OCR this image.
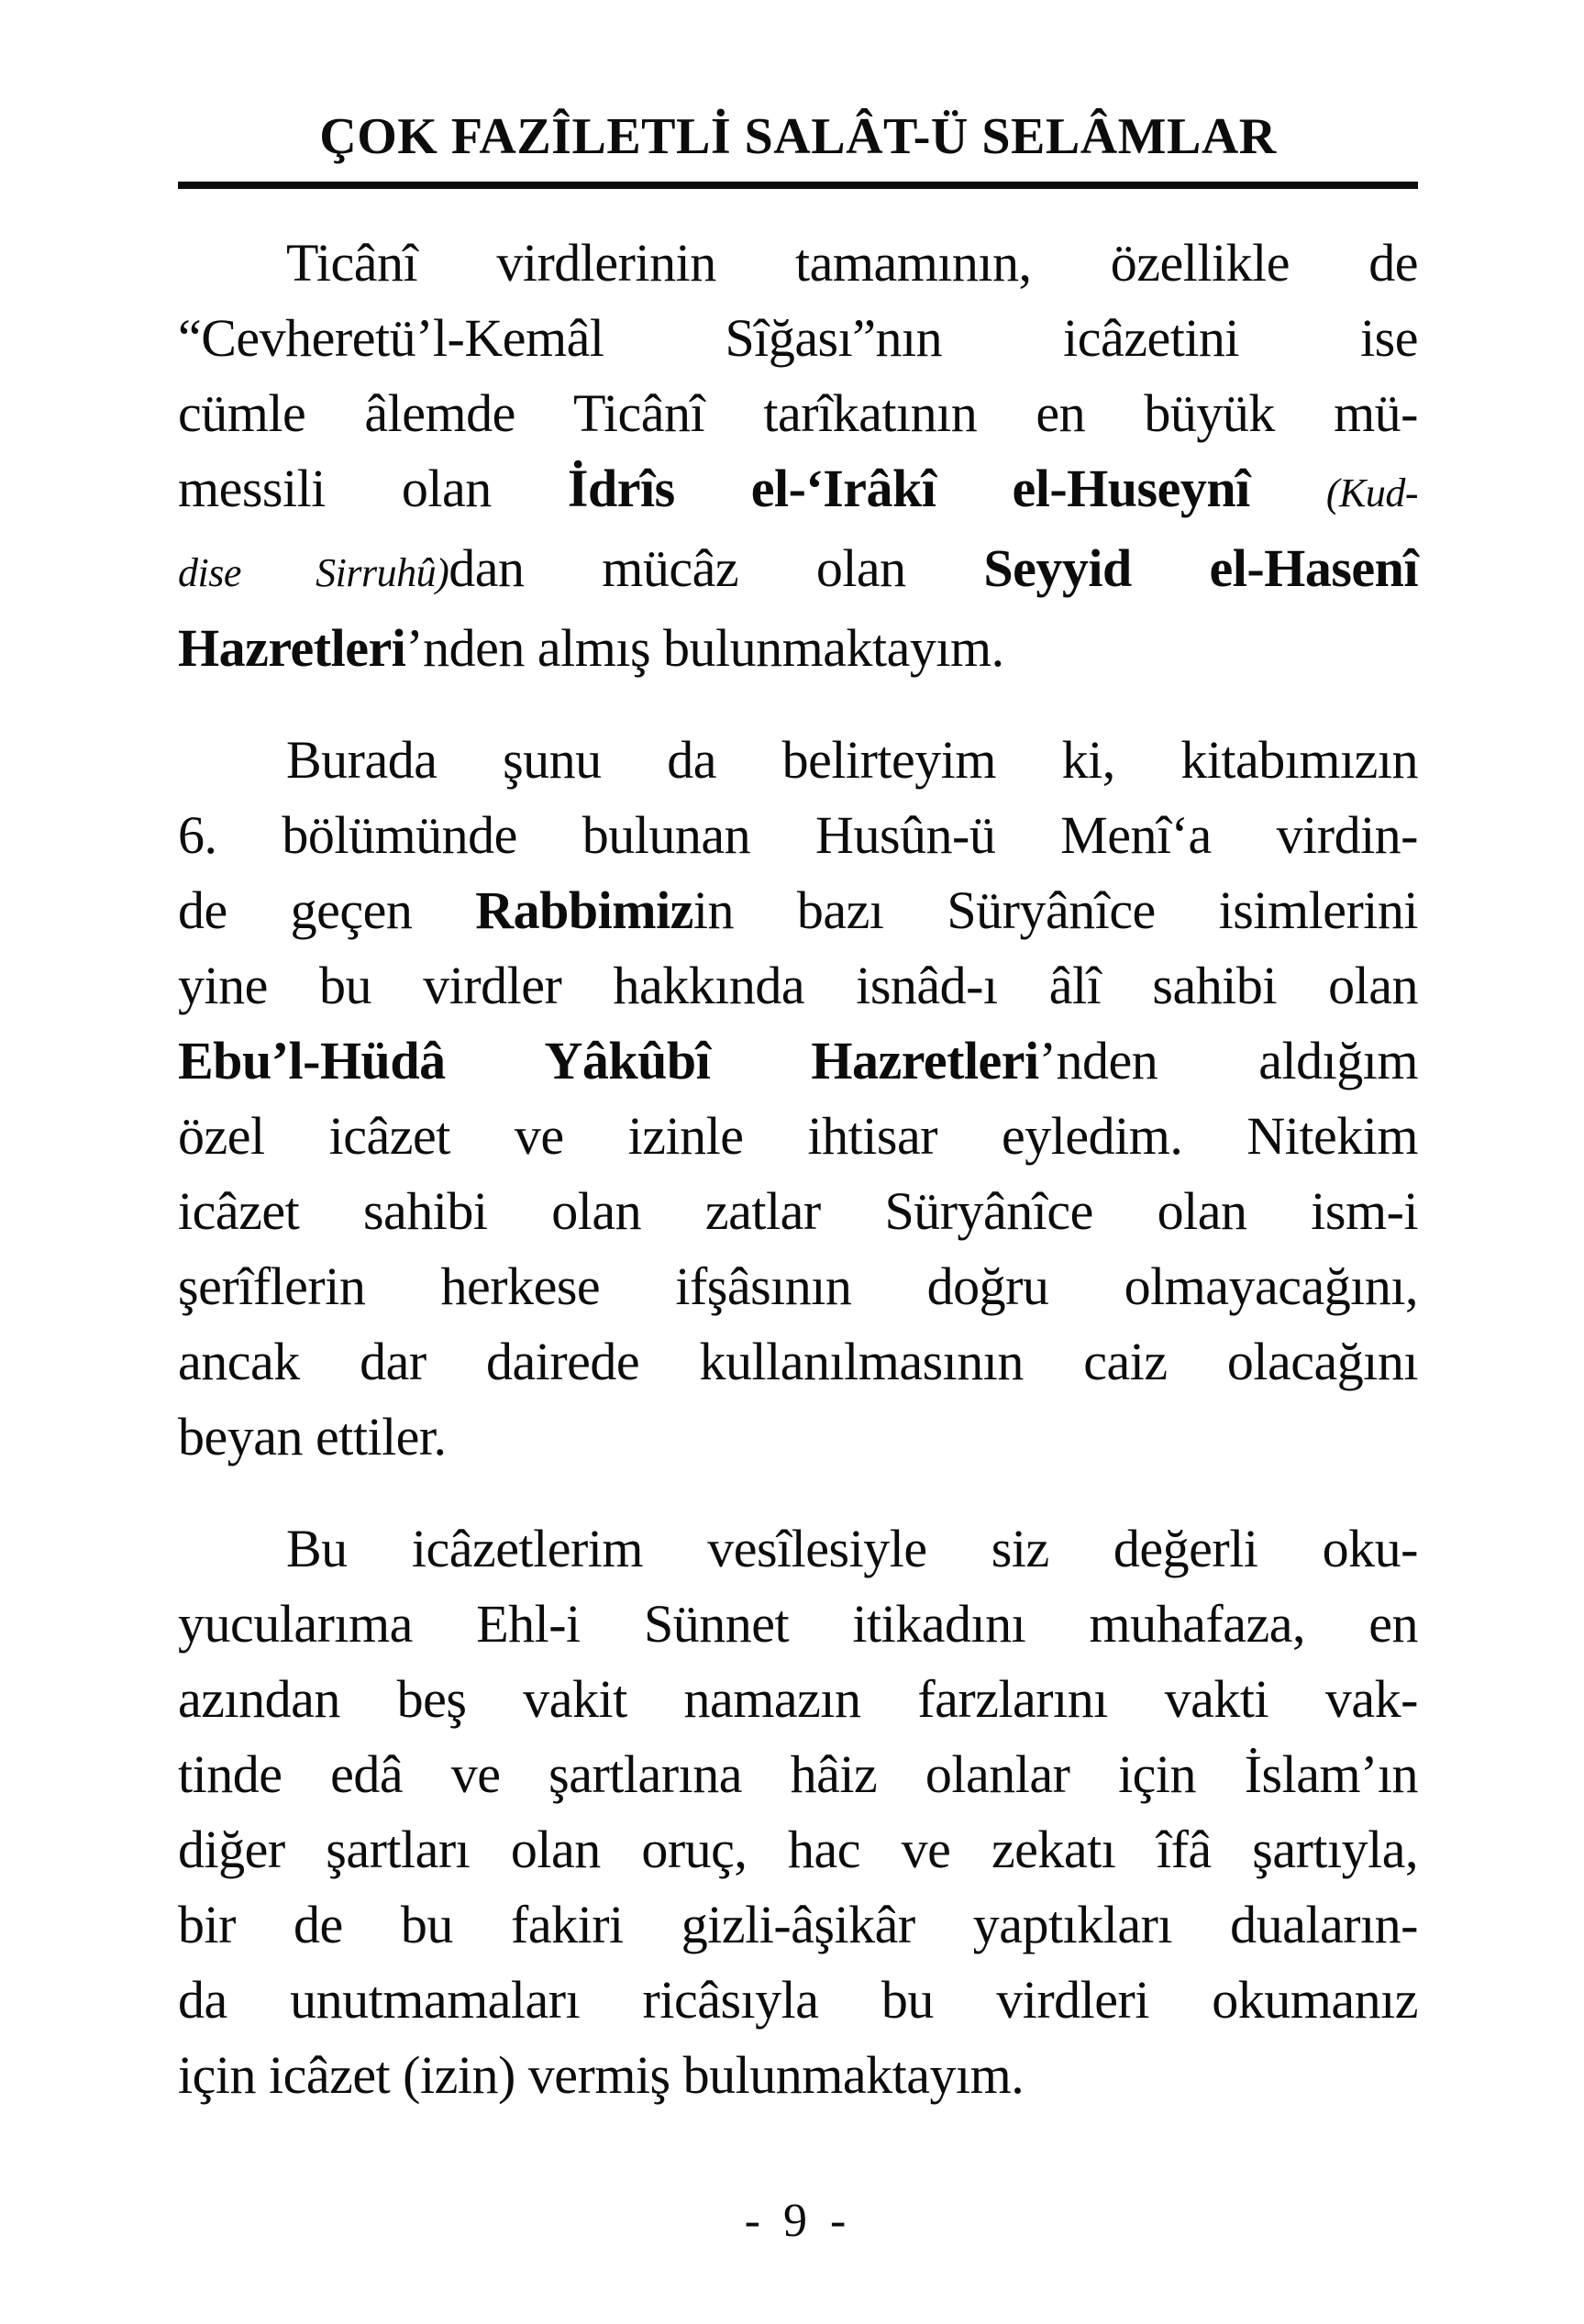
ÇOK FAZÎLETLİ SALÂT-Ü SELÂMLAR
Ticânî virdlerinin tamamının, özellikle de
“Cevheretü’l-Kemâl Sîğası”nın icâzetini ise
cümle âlemde Ticânî tarîkatının en büyük mü-
messili olan İdrîs el-‘Irâkî el-Huseynî (Kud-
dise Sirruhû)dan mücâz olan Seyyid el-Hasenî
Hazretleri’nden almış bulunmaktayım.
Burada şunu da belirteyim ki, kitabımızın
6. bölümünde bulunan Husûn-ü Menî‘a virdin-
de geçen Rabbimizin bazı Süryânîce isimlerini
yine bu virdler hakkında isnâd-ı âlî sahibi olan
Ebu’l-Hüdâ Yâkûbî Hazretleri’nden aldığım
özel icâzet ve izinle ihtisar eyledim. Nitekim
icâzet sahibi olan zatlar Süryânîce olan ism-i
şerîflerin herkese ifşâsının doğru olmayacağını,
ancak dar dairede kullanılmasının caiz olacağını
beyan ettiler.
Bu icâzetlerim vesîlesiyle siz değerli oku-
yucularıma Ehl-i Sünnet itikadını muhafaza, en
azından beş vakit namazın farzlarını vakti vak-
tinde edâ ve şartlarına hâiz olanlar için İslam’ın
diğer şartları olan oruç, hac ve zekatı îfâ şartıyla,
bir de bu fakiri gizli-âşikâr yaptıkları duaların-
da unutmamaları ricâsıyla bu virdleri okumanız
için icâzet (izin) vermiş bulunmaktayım.
- 9 -
